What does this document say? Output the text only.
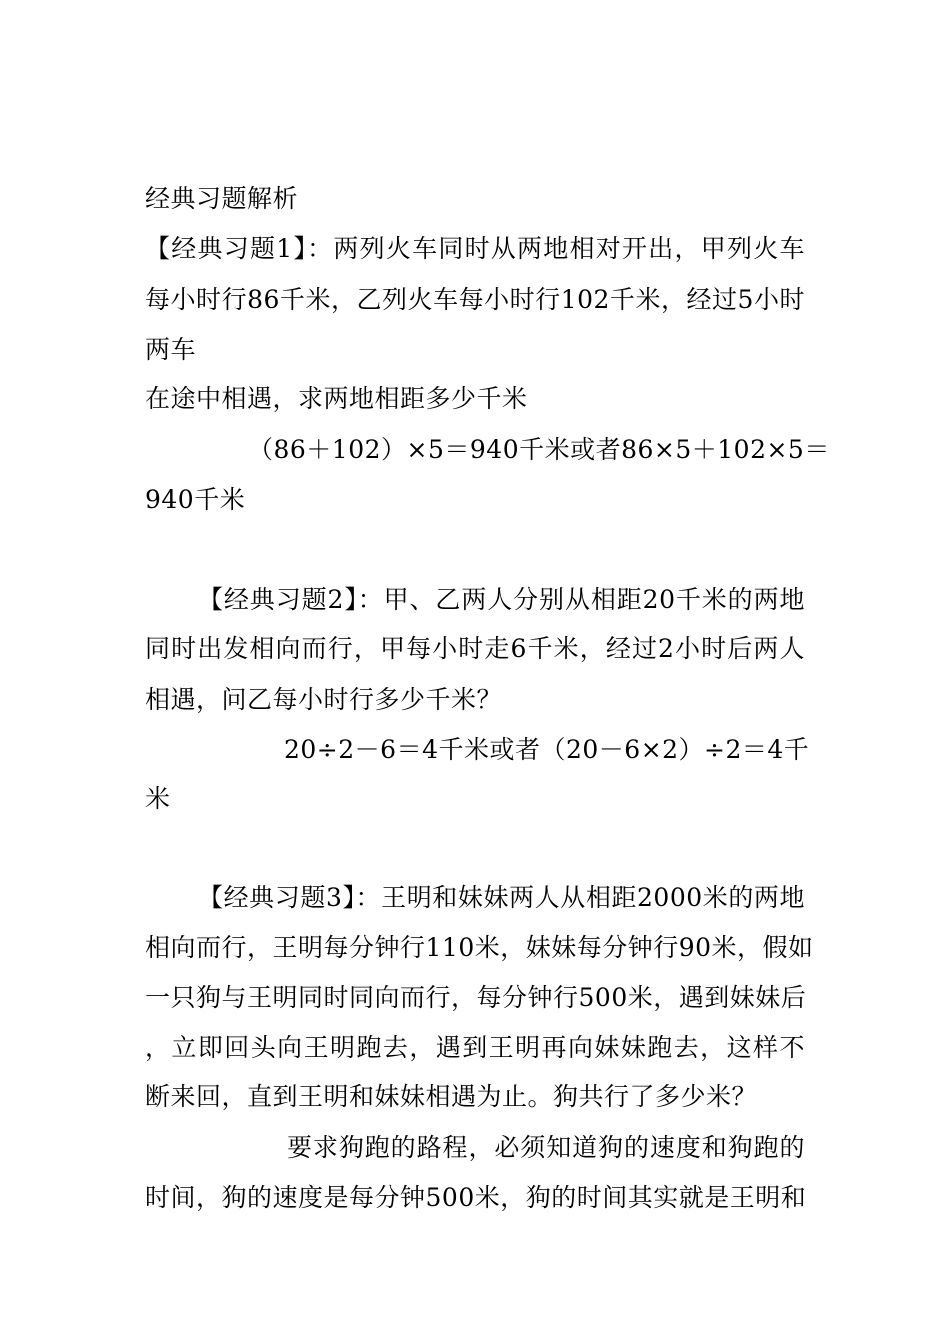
经典习题解析
【经典习题1】：两列火车同时从两地相对开出，甲列火车
每小时行86千米，乙列火车每小时行102千米，经过5小时
两车
在途中相遇，求两地相距多少千米
（86＋102）×5＝940千米或者86×5＋102×5＝
940千米
【经典习题2】：甲、乙两人分别从相距20千米的两地
同时出发相向而行，甲每小时走6千米，经过2小时后两人
相遇，问乙每小时行多少千米？
20÷2－6＝4千米或者（20－6×2）÷2＝4千
米
【经典习题3】：王明和妹妹两人从相距2000米的两地
相向而行，王明每分钟行110米，妹妹每分钟行90米，假如
一只狗与王明同时同向而行，每分钟行500米，遇到妹妹后
，立即回头向王明跑去，遇到王明再向妹妹跑去，这样不
断来回，直到王明和妹妹相遇为止。狗共行了多少米？
要求狗跑的路程，必须知道狗的速度和狗跑的
时间，狗的速度是每分钟500米，狗的时间其实就是王明和
